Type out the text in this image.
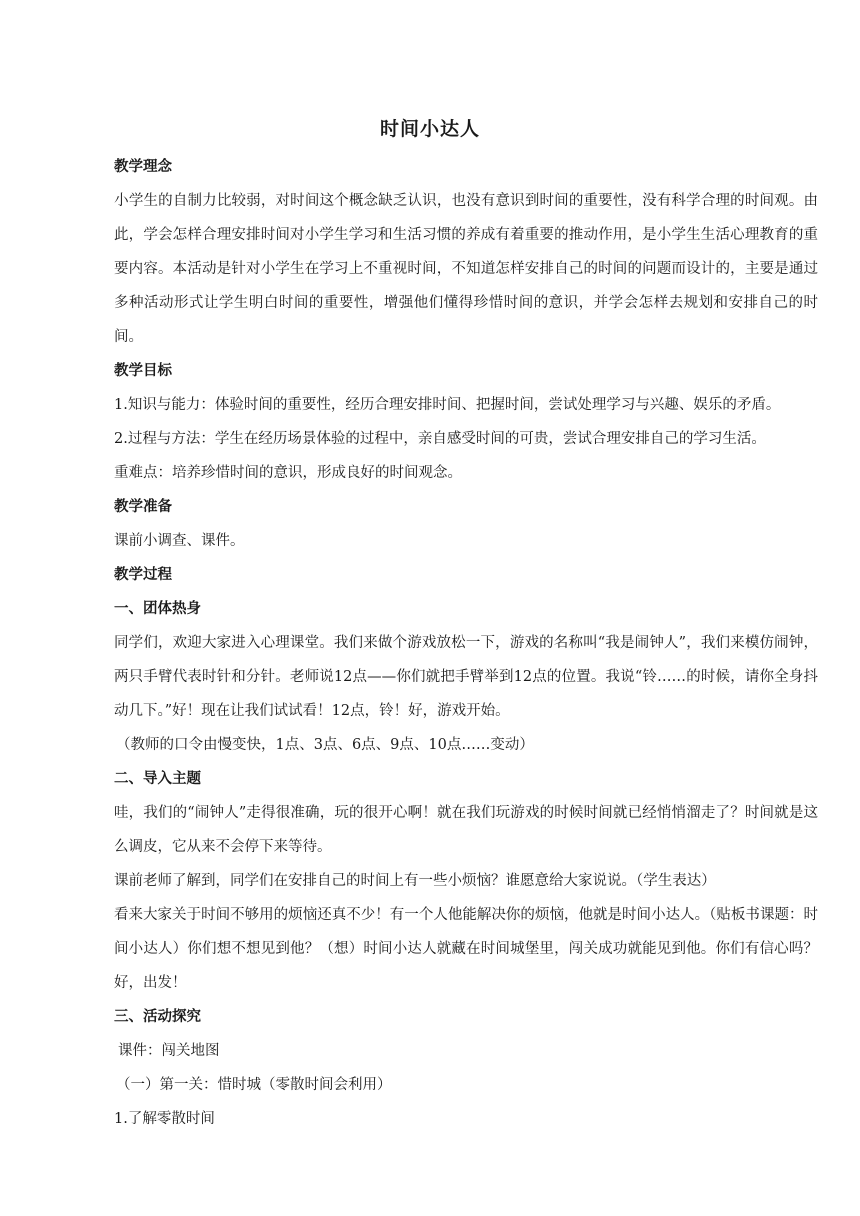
时间小达人

教学理念

小学生的自制力比较弱，对时间这个概念缺乏认识，也没有意识到时间的重要性，没有科学合理的时间观。由此，学会怎样合理安排时间对小学生学习和生活习惯的养成有着重要的推动作用，是小学生生活心理教育的重要内容。本活动是针对小学生在学习上不重视时间，不知道怎样安排自己的时间的问题而设计的，主要是通过多种活动形式让学生明白时间的重要性，增强他们懂得珍惜时间的意识，并学会怎样去规划和安排自己的时间。

教学目标

1.知识与能力：体验时间的重要性，经历合理安排时间、把握时间，尝试处理学习与兴趣、娱乐的矛盾。

2.过程与方法：学生在经历场景体验的过程中，亲自感受时间的可贵，尝试合理安排自己的学习生活。

重难点：培养珍惜时间的意识，形成良好的时间观念。

教学准备

课前小调查、课件。

教学过程

一、团体热身

同学们，欢迎大家进入心理课堂。我们来做个游戏放松一下，游戏的名称叫“我是闹钟人”，我们来模仿闹钟，两只手臂代表时针和分针。老师说12点——你们就把手臂举到12点的位置。我说“铃……的时候，请你全身抖动几下。”好！现在让我们试试看！12点，铃！好，游戏开始。

（教师的口令由慢变快，1点、3点、6点、9点、10点……变动）

二、导入主题

哇，我们的“闹钟人”走得很准确，玩的很开心啊！就在我们玩游戏的时候时间就已经悄悄溜走了？时间就是这么调皮，它从来不会停下来等待。

课前老师了解到，同学们在安排自己的时间上有一些小烦恼？谁愿意给大家说说。（学生表达）

看来大家关于时间不够用的烦恼还真不少！有一个人他能解决你的烦恼，他就是时间小达人。（贴板书课题：时间小达人）你们想不想见到他？（想）时间小达人就藏在时间城堡里，闯关成功就能见到他。你们有信心吗？好，出发！

三、活动探究

课件：闯关地图

（一）第一关：惜时城（零散时间会利用）

1.了解零散时间
